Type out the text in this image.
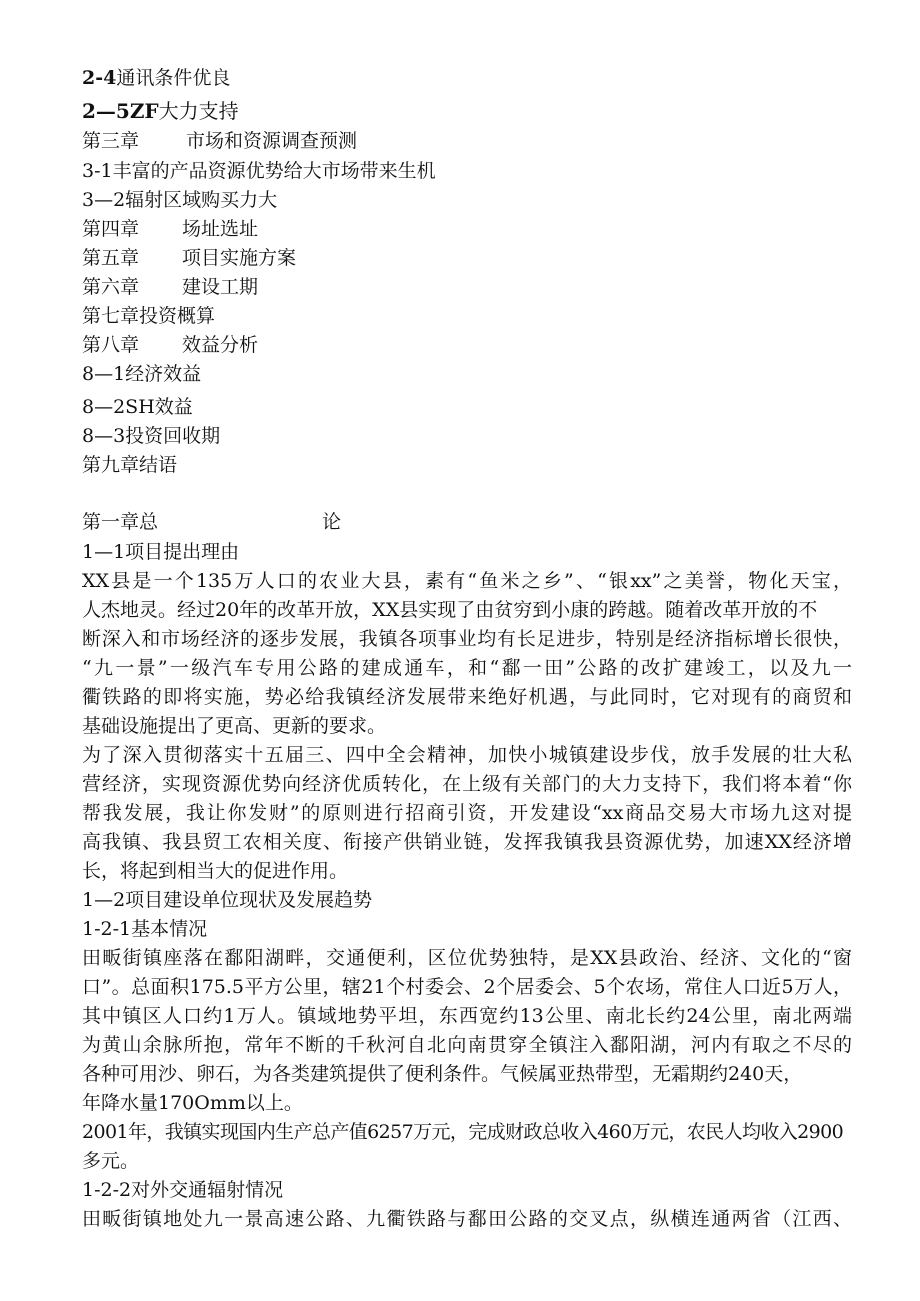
2-4通讯条件优良
2—5ZF大力支持
第三章 市场和资源调查预测
3-1丰富的产品资源优势给大市场带来生机
3—2辐射区域购买力大
第四章 场址选址
第五章 项目实施方案
第六章 建设工期
第七章投资概算
第八章 效益分析
8—1经济效益
8—2SH效益
8—3投资回收期
第九章结语
第一章总	论
1—1项目提出理由
XX县是一个135万人口的农业大县，素有“鱼米之乡”、“银xx”之美誉，物化天宝，
人杰地灵。经过20年的改革开放，XX县实现了由贫穷到小康的跨越。随着改革开放的不
断深入和市场经济的逐步发展，我镇各项事业均有长足进步，特别是经济指标增长很快，
“九一景”一级汽车专用公路的建成通车，和“鄱一田”公路的改扩建竣工，以及九一
衢铁路的即将实施，势必给我镇经济发展带来绝好机遇，与此同时，它对现有的商贸和
基础设施提出了更高、更新的要求。
为了深入贯彻落实十五届三、四中全会精神，加快小城镇建设步伐，放手发展的壮大私
营经济，实现资源优势向经济优质转化，在上级有关部门的大力支持下，我们将本着“你
帮我发展，我让你发财”的原则进行招商引资，开发建设“xx商品交易大市场九这对提
高我镇、我县贸工农相关度、衔接产供销业链，发挥我镇我县资源优势，加速XX经济增
长，将起到相当大的促进作用。
1—2项目建设单位现状及发展趋势
1-2-1基本情况
田畈街镇座落在鄱阳湖畔，交通便利，区位优势独特，是XX县政治、经济、文化的“窗
口”。总面积175.5平方公里，辖21个村委会、2个居委会、5个农场，常住人口近5万人，
其中镇区人口约1万人。镇域地势平坦，东西宽约13公里、南北长约24公里，南北两端
为黄山余脉所抱，常年不断的千秋河自北向南贯穿全镇注入鄱阳湖，河内有取之不尽的
各种可用沙、卵石，为各类建筑提供了便利条件。气候属亚热带型，无霜期约240天，
年降水量170Omm以上。
2001年，我镇实现国内生产总产值6257万元，完成财政总收入460万元，农民人均收入2900
多元。
1-2-2对外交通辐射情况
田畈街镇地处九一景高速公路、九衢铁路与鄱田公路的交叉点，纵横连通两省（江西、
